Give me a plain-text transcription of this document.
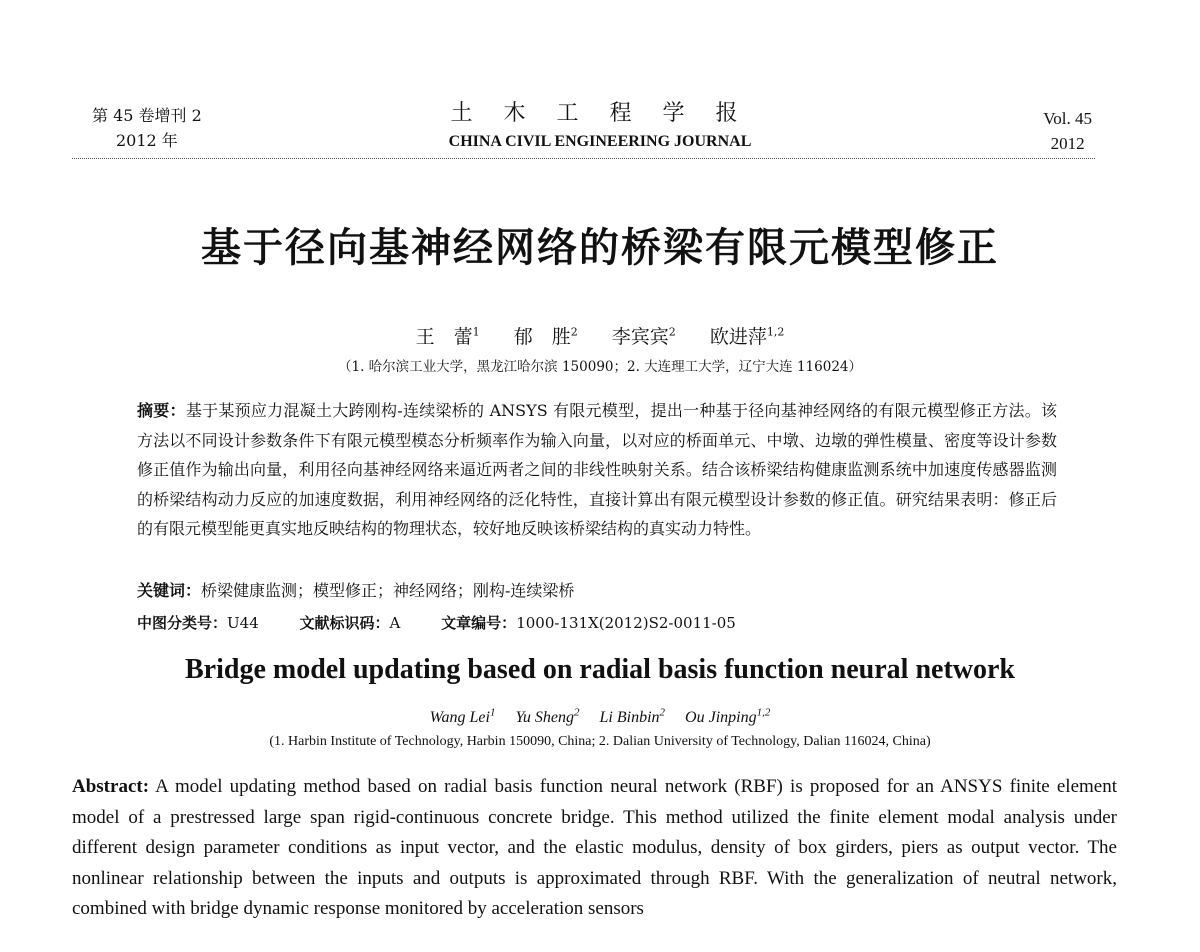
第 45 卷增刊 2
2012 年
土 木 工 程 学 报
CHINA CIVIL ENGINEERING JOURNAL
Vol. 45
2012
基于径向基神经网络的桥梁有限元模型修正
王　蕾$^1$ 郁　胜$^2$ 李宾宾$^2$ 欧进萍$^{1,2}$
（1. 哈尔滨工业大学，黑龙江哈尔滨 150090；2. 大连理工大学，辽宁大连 116024）
摘要：基于某预应力混凝土大跨刚构-连续梁桥的 ANSYS 有限元模型，提出一种基于径向基神经网络的有限元模型修正方法。该方法以不同设计参数条件下有限元模型模态分析频率作为输入向量，以对应的桥面单元、中墩、边墩的弹性模量、密度等设计参数修正值作为输出向量，利用径向基神经网络来逼近两者之间的非线性映射关系。结合该桥梁结构健康监测系统中加速度传感器监测的桥梁结构动力反应的加速度数据，利用神经网络的泛化特性，直接计算出有限元模型设计参数的修正值。研究结果表明：修正后的有限元模型能更真实地反映结构的物理状态，较好地反映该桥梁结构的真实动力特性。
关键词：桥梁健康监测；模型修正；神经网络；刚构-连续梁桥
中图分类号：U44	文献标识码：A	文章编号：1000-131X(2012)S2-0011-05
Bridge model updating based on radial basis function neural network
Wang Lei$^1$ Yu Sheng$^2$ Li Binbin$^2$ Ou Jinping$^{1,2}$
(1. Harbin Institute of Technology, Harbin 150090, China; 2. Dalian University of Technology, Dalian 116024, China)
Abstract: A model updating method based on radial basis function neural network (RBF) is proposed for an ANSYS finite element model of a prestressed large span rigid-continuous concrete bridge. This method utilized the finite element modal analysis under different design parameter conditions as input vector, and the elastic modulus, density of box girders, piers as output vector. The nonlinear relationship between the inputs and outputs is approximated through RBF. With the generalization of neutral network, combined with bridge dynamic response monitored by acceleration sensors
